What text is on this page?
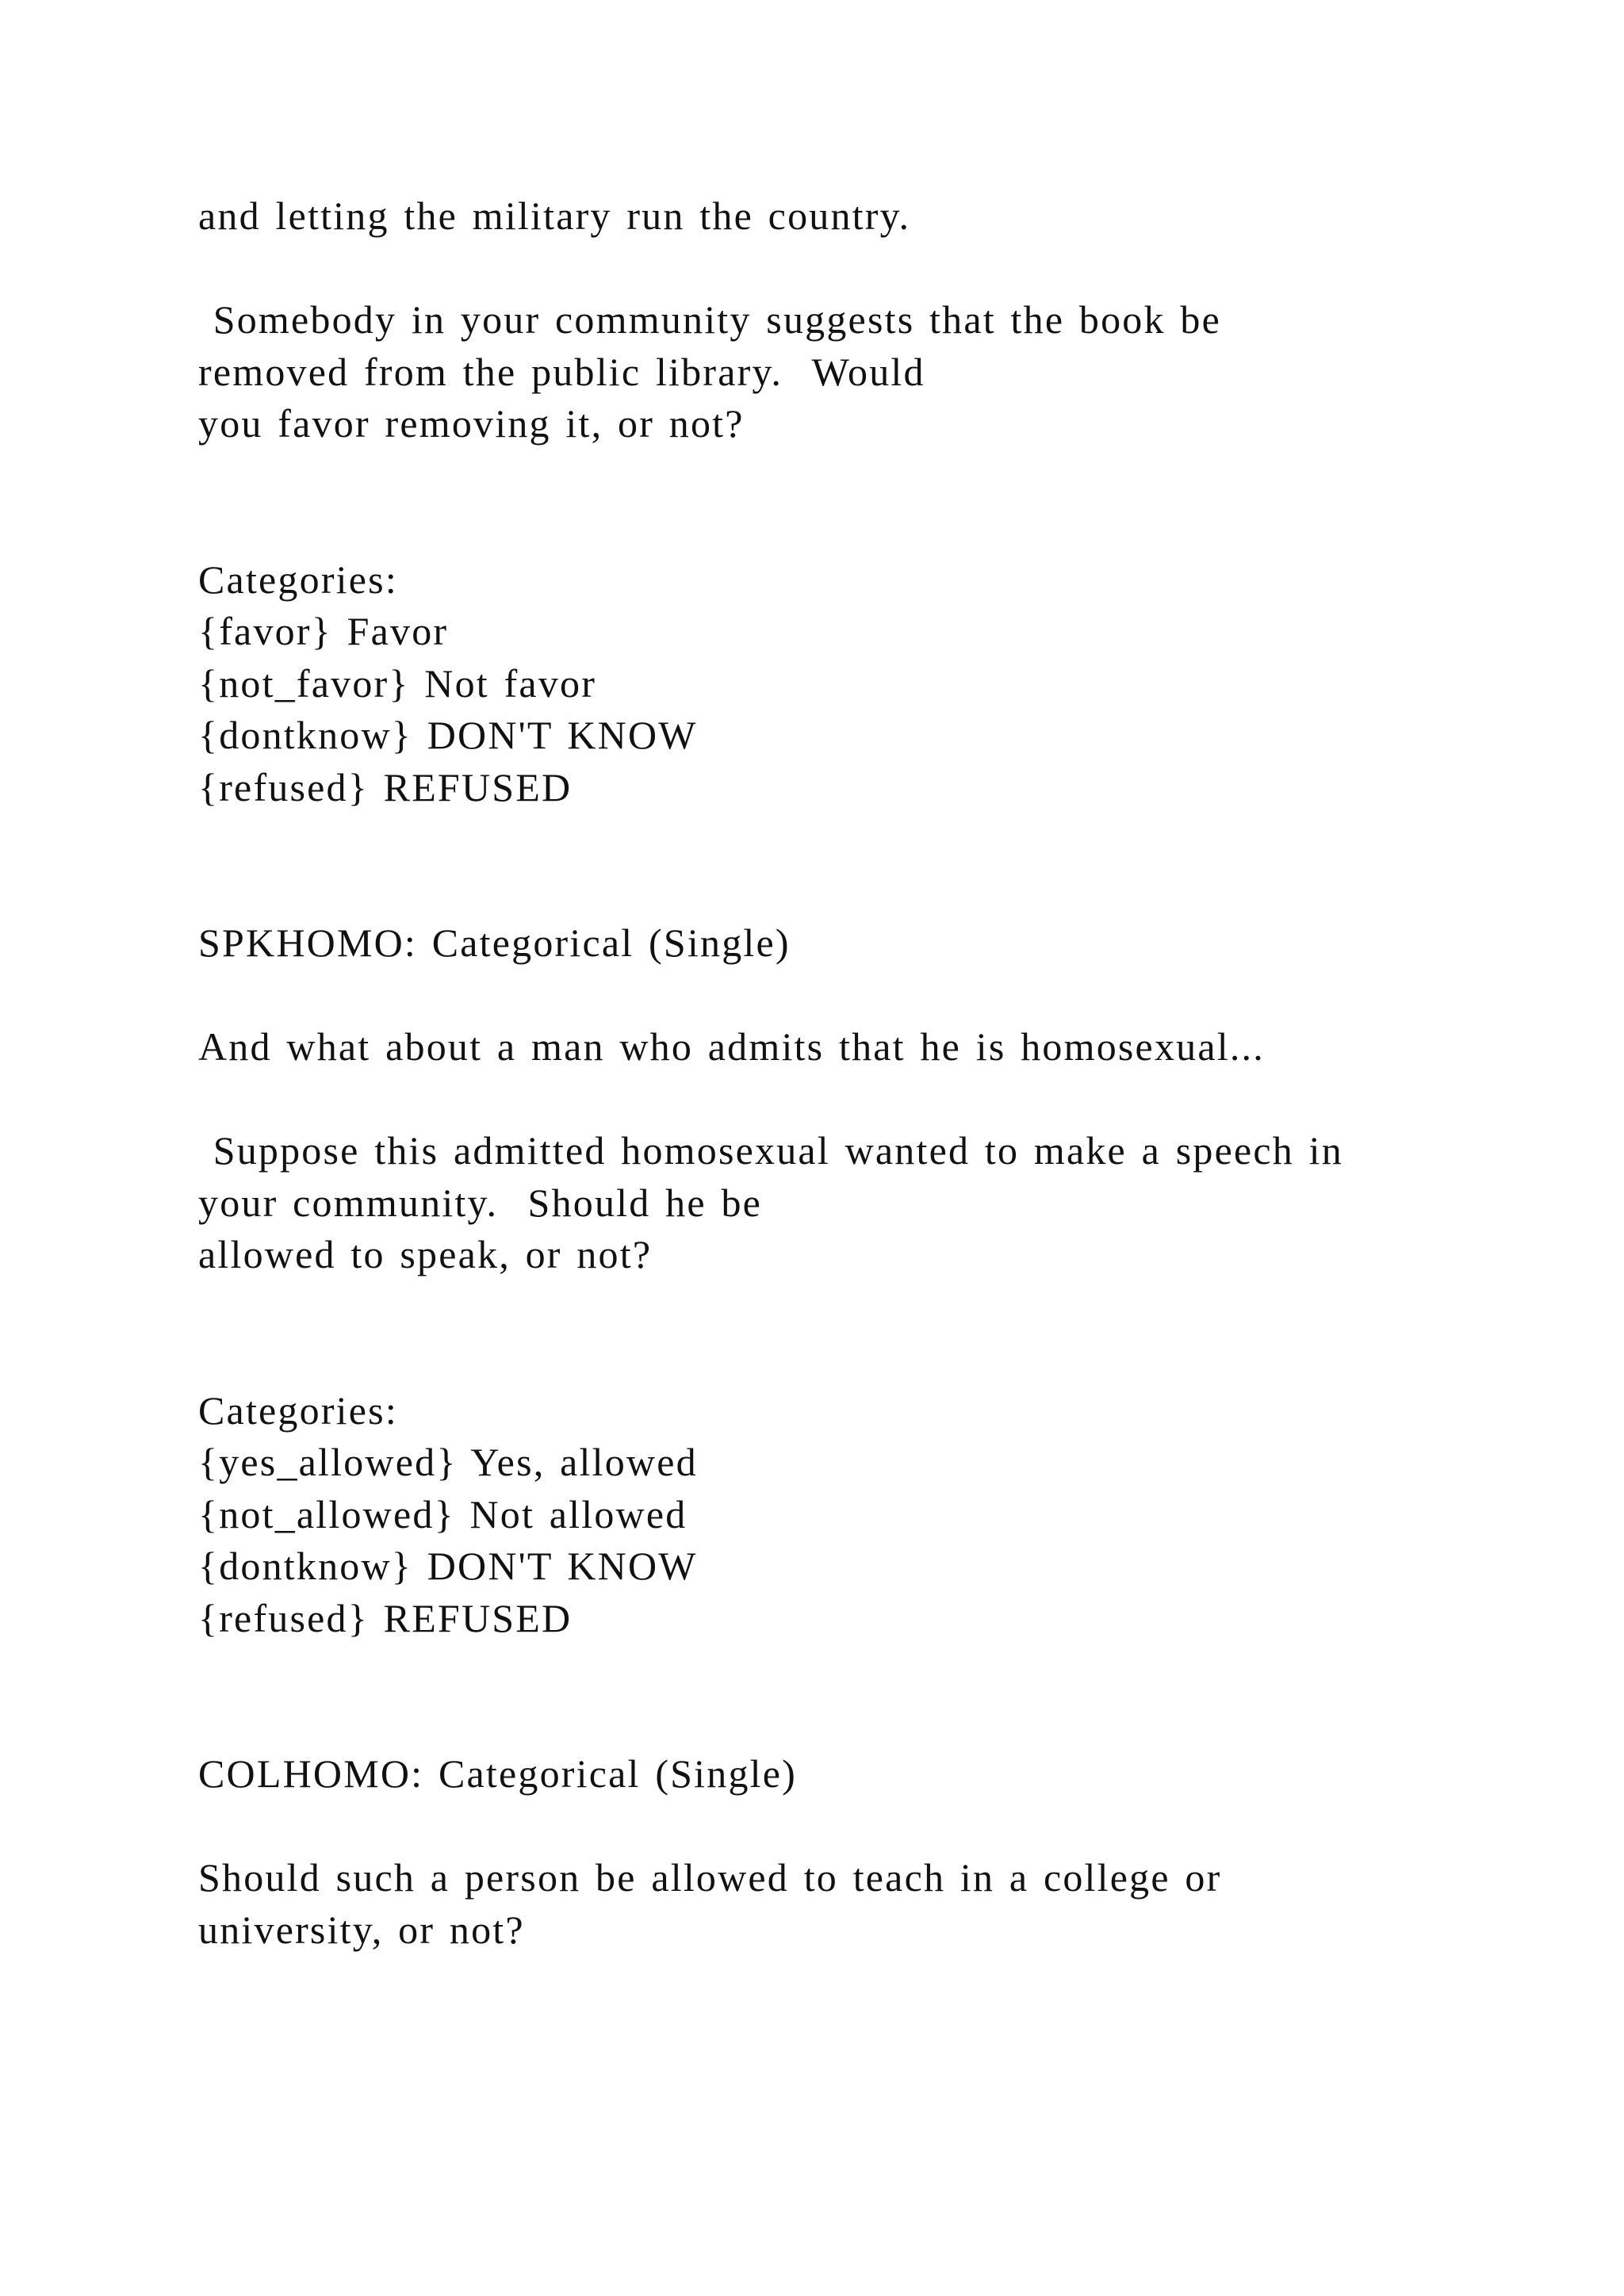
and letting the military run the country.
Somebody in your community suggests that the book be
removed from the public library.  Would
you favor removing it, or not?
Categories:
{favor} Favor
{not_favor} Not favor
{dontknow} DON'T KNOW
{refused} REFUSED
SPKHOMO: Categorical (Single)
And what about a man who admits that he is homosexual...
Suppose this admitted homosexual wanted to make a speech in
your community.  Should he be
allowed to speak, or not?
Categories:
{yes_allowed} Yes, allowed
{not_allowed} Not allowed
{dontknow} DON'T KNOW
{refused} REFUSED
COLHOMO: Categorical (Single)
Should such a person be allowed to teach in a college or
university, or not?
